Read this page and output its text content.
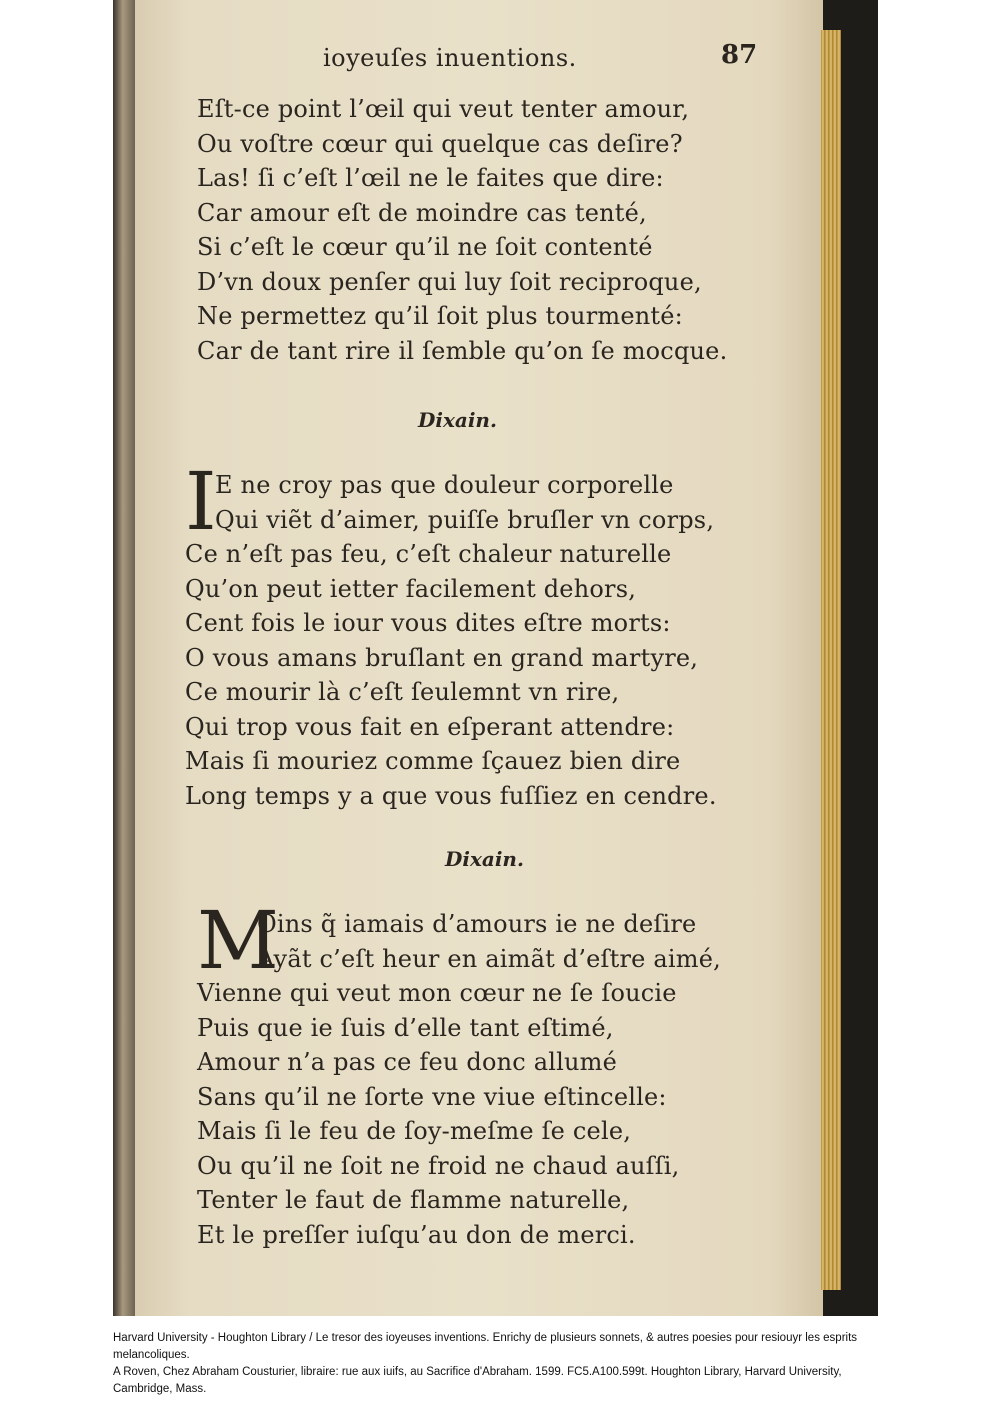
ioyeuſes inuentions.	87
Eſt-ce point l’œil qui veut tenter amour,
Ou voſtre cœur qui quelque cas deſire?
Las! ſi c’eſt l’œil ne le faites que dire:
Car amour eſt de moindre cas tenté,
Si c’eſt le cœur qu’il ne ſoit contenté
D’vn doux penſer qui luy ſoit reciproque,
Ne permettez qu’il ſoit plus tourmenté:
Car de tant rire il ſemble qu’on ſe mocque.
Dixain.
I
E ne croy pas que douleur corporelle
Qui viẽt d’aimer, puiſſe bruſler vn corps,
Ce n’eſt pas feu, c’eſt chaleur naturelle
Qu’on peut ietter facilement dehors,
Cent fois le iour vous dites eſtre morts:
O vous amans bruſlant en grand martyre,
Ce mourir là c’eſt ſeulemnt vn rire,
Qui trop vous fait en eſperant attendre:
Mais ſi mouriez comme ſçauez bien dire
Long temps y a que vous fuſſiez en cendre.
Dixain.
M
Oins q̃ iamais d’amours ie ne deſire
Ayãt c’eſt heur en aimãt d’eſtre aimé,
Vienne qui veut mon cœur ne ſe ſoucie
Puis que ie ſuis d’elle tant eſtimé,
Amour n’a pas ce feu donc allumé
Sans qu’il ne ſorte vne viue eſtincelle:
Mais ſi le feu de ſoy-meſme ſe cele,
Ou qu’il ne ſoit ne froid ne chaud auſſi,
Tenter le faut de flamme naturelle,
Et le preſſer iuſqu’au don de merci.

Harvard University - Houghton Library / Le tresor des ioyeuses inventions. Enrichy de plusieurs sonnets, & autres poesies pour resiouyr les esprits melancoliques.

A Roven, Chez Abraham Cousturier, libraire: rue aux iuifs, au Sacrifice d'Abraham. 1599. FC5.A100.599t. Houghton Library, Harvard University, Cambridge, Mass.
